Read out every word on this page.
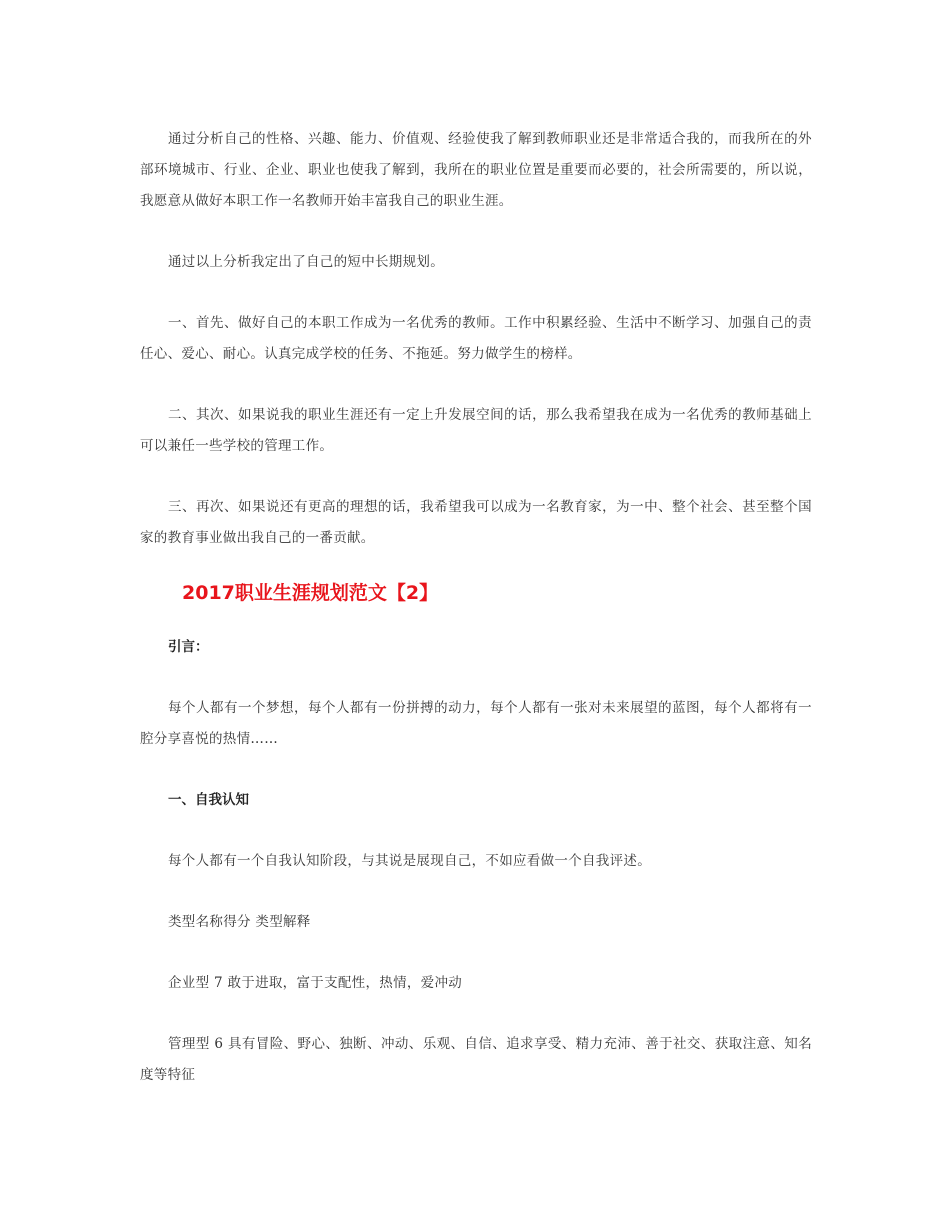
通过分析自己的性格、兴趣、能力、价值观、经验使我了解到教师职业还是非常适合我的，而我所在的外部环境城市、行业、企业、职业也使我了解到，我所在的职业位置是重要而必要的，社会所需要的，所以说，我愿意从做好本职工作一名教师开始丰富我自己的职业生涯。

通过以上分析我定出了自己的短中长期规划。

一、首先、做好自己的本职工作成为一名优秀的教师。工作中积累经验、生活中不断学习、加强自己的责任心、爱心、耐心。认真完成学校的任务、不拖延。努力做学生的榜样。

二、其次、如果说我的职业生涯还有一定上升发展空间的话，那么我希望我在成为一名优秀的教师基础上可以兼任一些学校的管理工作。

三、再次、如果说还有更高的理想的话，我希望我可以成为一名教育家，为一中、整个社会、甚至整个国家的教育事业做出我自己的一番贡献。

2017职业生涯规划范文【2】

引言：

每个人都有一个梦想，每个人都有一份拼搏的动力，每个人都有一张对未来展望的蓝图，每个人都将有一腔分享喜悦的热情……

一、自我认知

每个人都有一个自我认知阶段，与其说是展现自己，不如应看做一个自我评述。

类型名称得分 类型解释

企业型 7 敢于进取，富于支配性，热情，爱冲动

管理型 6 具有冒险、野心、独断、冲动、乐观、自信、追求享受、精力充沛、善于社交、获取注意、知名度等特征
